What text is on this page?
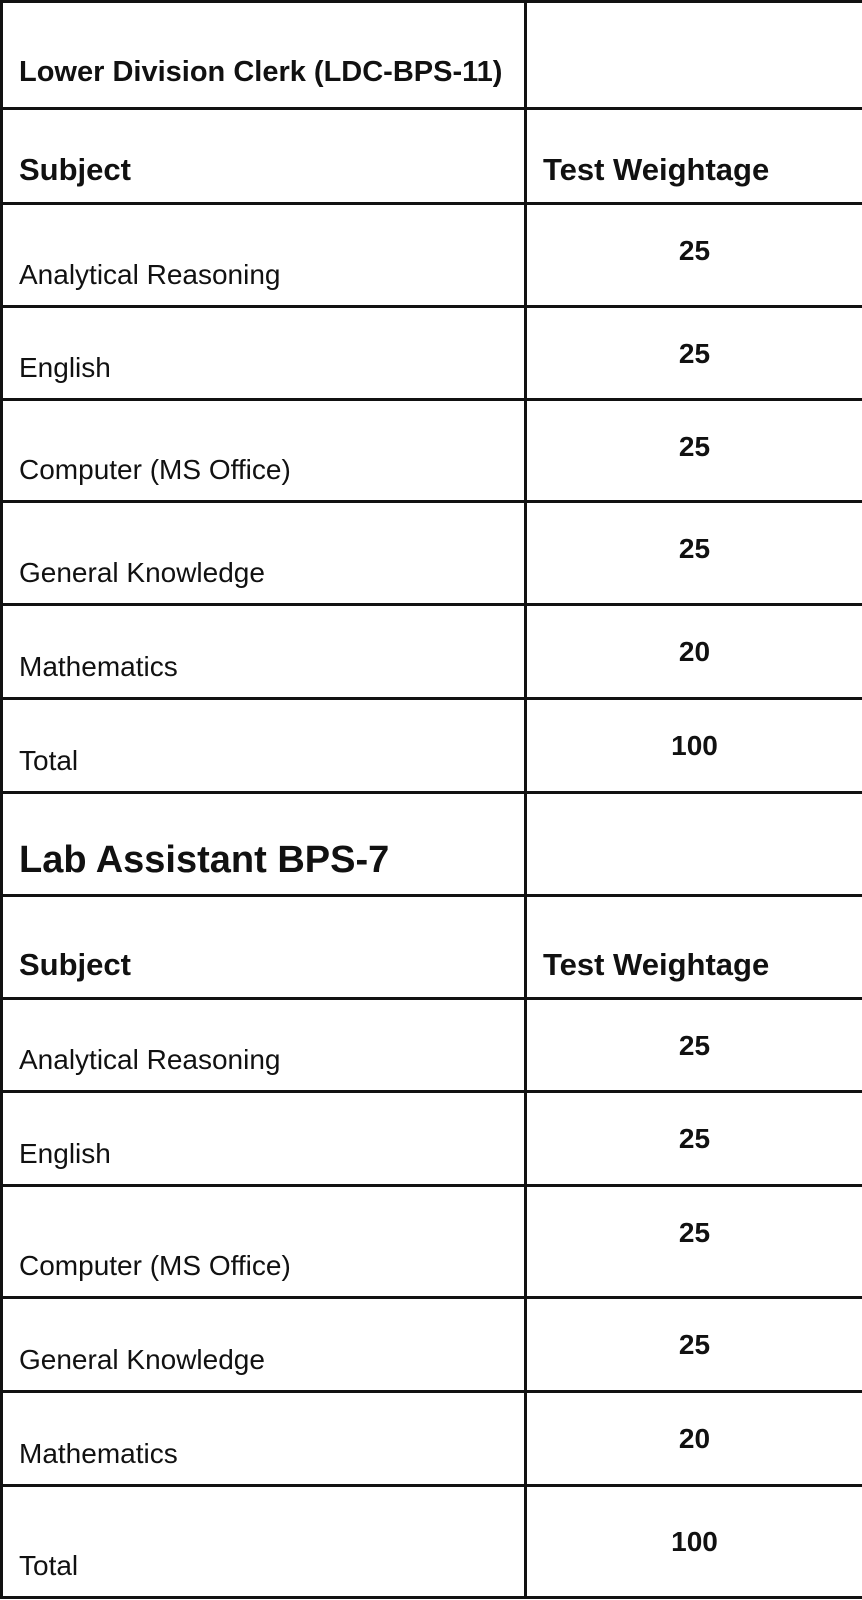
Lower Division Clerk (LDC-BPS-11)	
Subject	Test Weightage
Analytical Reasoning	25
English	25
Computer (MS Office)	25
General Knowledge	25
Mathematics	20
Total	100
Lab Assistant BPS-7	
Subject	Test Weightage
Analytical Reasoning	25
English	25
Computer (MS Office)	25
General Knowledge	25
Mathematics	20
Total	100
